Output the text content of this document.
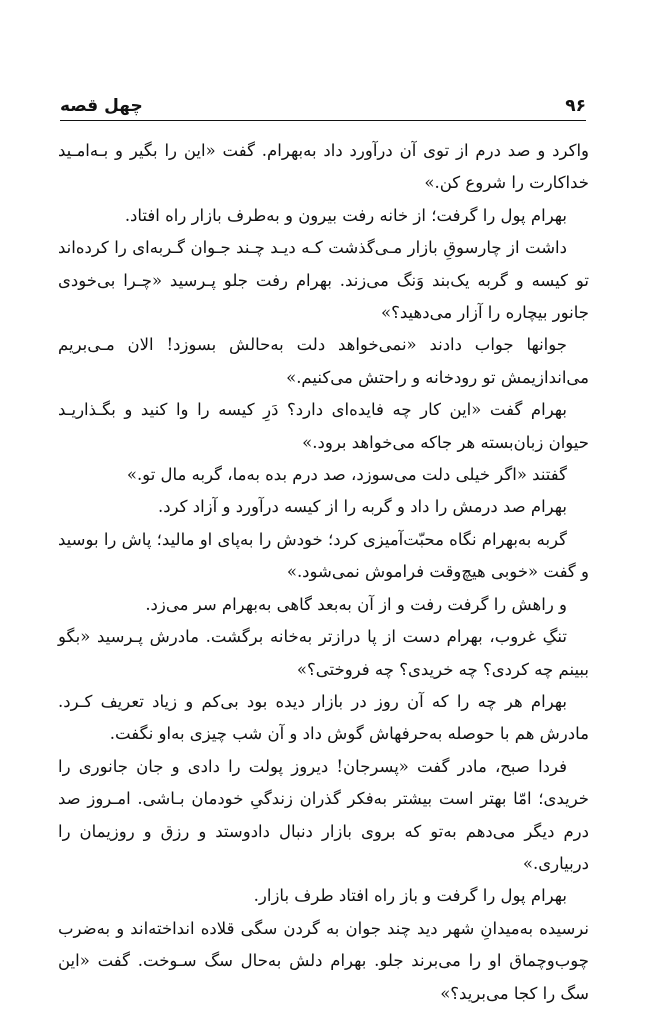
۹۶
چهل قصه

واکرد و صد درم از توی آن درآورد داد به‌بهرام. گفت «این را بگیر و بـه‌امـید خداکارت را شروع کن.»

بهرام پول را گرفت؛ از خانه رفت بیرون و به‌طرف بازار راه افتاد.

داشت از چارسوقِ بازار مـی‌گذشت کـه دیـد چـند جـوان گـربه‌ای را کرده‌اند تو کیسه و گربه یک‌بند وَنگ می‌زند. بهرام رفت جلو پـرسید «چـرا بی‌خودی جانور بیچاره را آزار می‌دهید؟»

جوانها جواب دادند «نمی‌خواهد دلت به‌حالش بسوزد! الان مـی‌بریم می‌اندازیمش تو رودخانه و راحتش می‌کنیم.»

بهرام گفت «این کار چه فایده‌ای دارد؟ دَرِ کیسه را وا کنید و بگـذاریـد حیوان زبان‌بسته هر جاکه می‌خواهد برود.»

گفتند «اگر خیلی دلت می‌سوزد، صد درم بده به‌ما، گربه مال تو.»

بهرام صد درمش را داد و گربه را از کیسه درآورد و آزاد کرد.

گربه به‌بهرام نگاه محبّت‌آمیزی کرد؛ خودش را به‌پای او مالید؛ پاش را بوسید و گفت «خوبی هیچ‌وقت فراموش نمی‌شود.»

و راهش را گرفت رفت و از آن به‌بعد گاهی به‌بهرام سر می‌زد.

تنگِ غروب، بهرام دست از پا درازتر به‌خانه برگشت. مادرش پـرسید «بگو ببینم چه کردی؟ چه خریدی؟ چه فروختی؟»

بهرام هر چه را که آن روز در بازار دیده بود بی‌کم و زیاد تعریف کـرد. مادرش هم با حوصله به‌حرفهاش گوش داد و آن شب چیزی به‌او نگفت.

فردا صبح، مادر گفت «پسرجان! دیروز پولت را دادی و جان جانوری را خریدی؛ امّا بهتر است بیشتر به‌فکر گذران زندگیِ خودمان بـاشی. امـروز صد درم دیگر می‌دهم به‌تو که بروی بازار دنبال دادوستد و رزق و روزیمان را دربیاری.»

بهرام پول را گرفت و باز راه افتاد طرف بازار.

نرسیده به‌میدانِ شهر دید چند جوان به گردن سگی قلاده انداخته‌اند و به‌ضرب چوب‌وچماق او را می‌برند جلو. بهرام دلش به‌حال سگ سـوخت. گفت «این سگ را کجا می‌برید؟»
